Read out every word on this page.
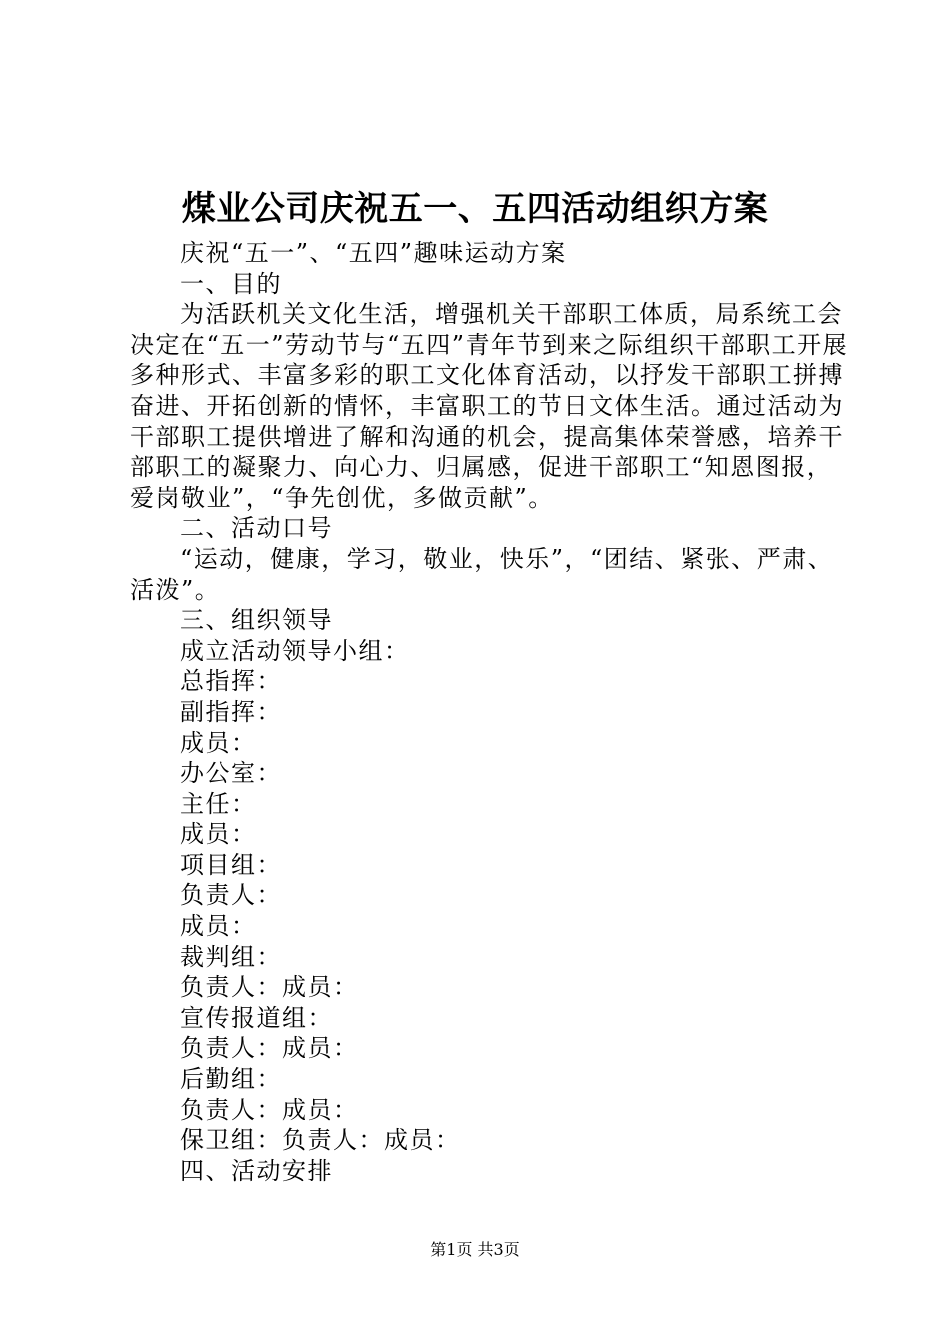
煤业公司庆祝五一、五四活动组织方案

庆祝“五一”、“五四”趣味运动方案

一、目的

为活跃机关文化生活，增强机关干部职工体质，局系统工会决定在“五一”劳动节与“五四”青年节到来之际组织干部职工开展多种形式、丰富多彩的职工文化体育活动，以抒发干部职工拼搏奋进、开拓创新的情怀，丰富职工的节日文体生活。通过活动为干部职工提供增进了解和沟通的机会，提高集体荣誉感，培养干部职工的凝聚力、向心力、归属感，促进干部职工“知恩图报，爱岗敬业”，“争先创优，多做贡献”。

二、活动口号

“运动，健康，学习，敬业，快乐”，“团结、紧张、严肃、活泼”。

三、组织领导

成立活动领导小组：

总指挥：

副指挥：

成员：

办公室：

主任：

成员：

项目组：

负责人：

成员：

裁判组：

负责人：成员：

宣传报道组：

负责人：成员：

后勤组：

负责人：成员：

保卫组：负责人：成员：

四、活动安排

第1页 共3页
